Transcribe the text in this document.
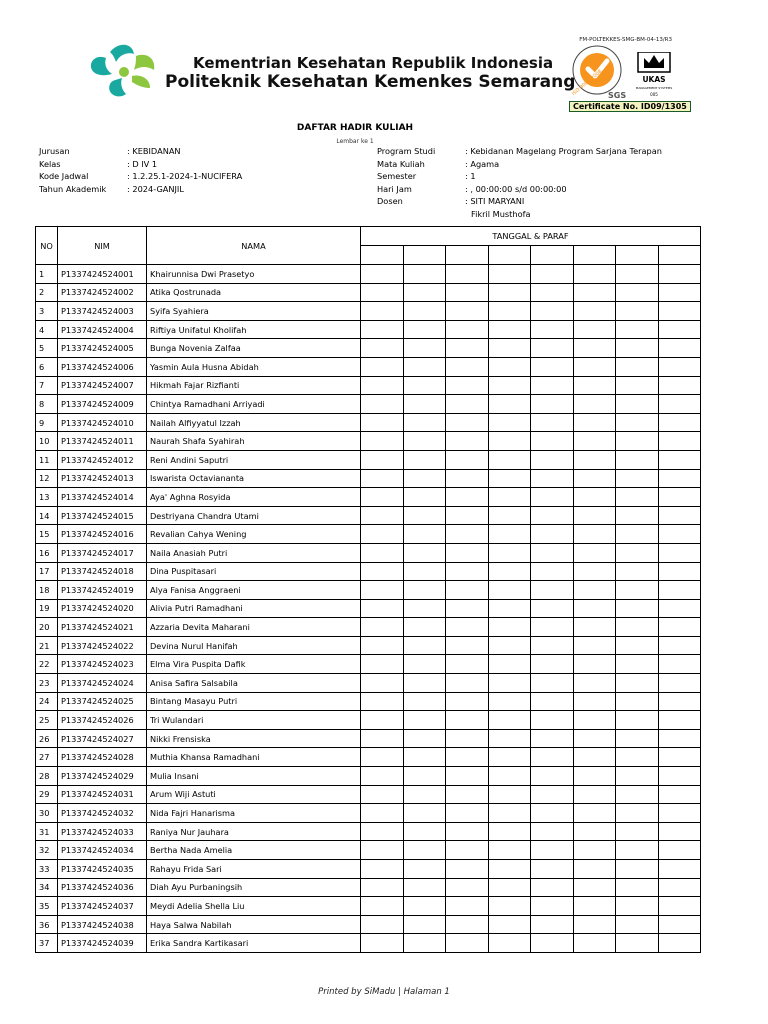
FM-POLTEKKES-SMG-BM-04-13/R3
Kementrian Kesehatan Republik Indonesia
Politeknik Kesehatan Kemenkes Semarang
SGS
ISO 9001:2008	UKAS
MANAGEMENT SYSTEMS
005
Certificate No. ID09/1305
DAFTAR HADIR KULIAH
Lembar ke 1
Jurusan	: KEBIDANAN
Kelas	: D IV 1
Kode Jadwal	: 1.2.25.1-2024-1-NUCIFERA
Tahun Akademik	: 2024-GANJIL
Program Studi	: Kebidanan Magelang Program Sarjana Terapan
Mata Kuliah	: Agama
Semester	: 1
Hari Jam	: , 00:00:00 s/d 00:00:00
Dosen	: SITI MARYANI
Fikril Musthofa
NO	NIM	NAMA	TANGGAL & PARAF							

1	P1337424524001	Khairunnisa Dwi Prasetyo								
2	P1337424524002	Atika Qostrunada								
3	P1337424524003	Syifa Syahiera								
4	P1337424524004	Riftiya Unifatul Kholifah								
5	P1337424524005	Bunga Novenia Zalfaa								
6	P1337424524006	Yasmin Aula Husna Abidah								
7	P1337424524007	Hikmah Fajar Rizfianti								
8	P1337424524009	Chintya Ramadhani Arriyadi								
9	P1337424524010	Nailah Alfiyyatul Izzah								
10	P1337424524011	Naurah Shafa Syahirah								
11	P1337424524012	Reni Andini Saputri								
12	P1337424524013	Iswarista Octaviananta								
13	P1337424524014	Aya' Aghna Rosyida								
14	P1337424524015	Destriyana Chandra Utami								
15	P1337424524016	Revalian Cahya Wening								
16	P1337424524017	Naila Anasiah Putri								
17	P1337424524018	Dina Puspitasari								
18	P1337424524019	Alya Fanisa Anggraeni								
19	P1337424524020	Alivia Putri Ramadhani								
20	P1337424524021	Azzaria Devita Maharani								
21	P1337424524022	Devina Nurul Hanifah								
22	P1337424524023	Elma Vira Puspita Dafik								
23	P1337424524024	Anisa Safira Salsabila								
24	P1337424524025	Bintang Masayu Putri								
25	P1337424524026	Tri Wulandari								
26	P1337424524027	Nikki Frensiska								
27	P1337424524028	Muthia Khansa Ramadhani								
28	P1337424524029	Mulia Insani								
29	P1337424524031	Arum Wiji Astuti								
30	P1337424524032	Nida Fajri Hanarisma								
31	P1337424524033	Raniya Nur Jauhara								
32	P1337424524034	Bertha Nada Amelia								
33	P1337424524035	Rahayu Frida Sari								
34	P1337424524036	Diah Ayu Purbaningsih								
35	P1337424524037	Meydi Adelia Shella Liu								
36	P1337424524038	Haya Salwa Nabilah								
37	P1337424524039	Erika Sandra Kartikasari								
Printed by SiMadu | Halaman 1
